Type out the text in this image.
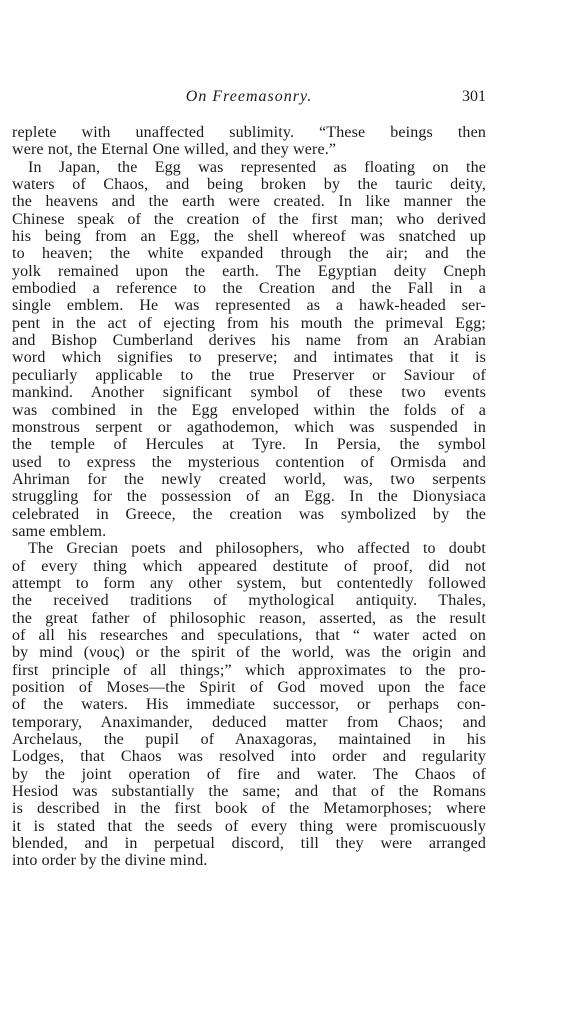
On Freemasonry.	301

replete with unaffected sublimity. “These beings then
were not, the Eternal One willed, and they were.”

In Japan, the Egg was represented as floating on the
waters of Chaos, and being broken by the tauric deity,
the heavens and the earth were created. In like manner the
Chinese speak of the creation of the first man; who derived
his being from an Egg, the shell whereof was snatched up
to heaven; the white expanded through the air; and the
yolk remained upon the earth. The Egyptian deity Cneph
embodied a reference to the Creation and the Fall in a
single emblem. He was represented as a hawk-headed ser-
pent in the act of ejecting from his mouth the primeval Egg;
and Bishop Cumberland derives his name from an Arabian
word which signifies to preserve; and intimates that it is
peculiarly applicable to the true Preserver or Saviour of
mankind. Another significant symbol of these two events
was combined in the Egg enveloped within the folds of a
monstrous serpent or agathodemon, which was suspended in
the temple of Hercules at Tyre. In Persia, the symbol
used to express the mysterious contention of Ormisda and
Ahriman for the newly created world, was, two serpents
struggling for the possession of an Egg. In the Dionysiaca
celebrated in Greece, the creation was symbolized by the
same emblem.

The Grecian poets and philosophers, who affected to doubt
of every thing which appeared destitute of proof, did not
attempt to form any other system, but contentedly followed
the received traditions of mythological antiquity. Thales,
the great father of philosophic reason, asserted, as the result
of all his researches and speculations, that “ water acted on
by mind (νους) or the spirit of the world, was the origin and
first principle of all things;” which approximates to the pro-
position of Moses—the Spirit of God moved upon the face
of the waters. His immediate successor, or perhaps con-
temporary, Anaximander, deduced matter from Chaos; and
Archelaus, the pupil of Anaxagoras, maintained in his
Lodges, that Chaos was resolved into order and regularity
by the joint operation of fire and water. The Chaos of
Hesiod was substantially the same; and that of the Romans
is described in the first book of the Metamorphoses; where
it is stated that the seeds of every thing were promiscuously
blended, and in perpetual discord, till they were arranged
into order by the divine mind.
